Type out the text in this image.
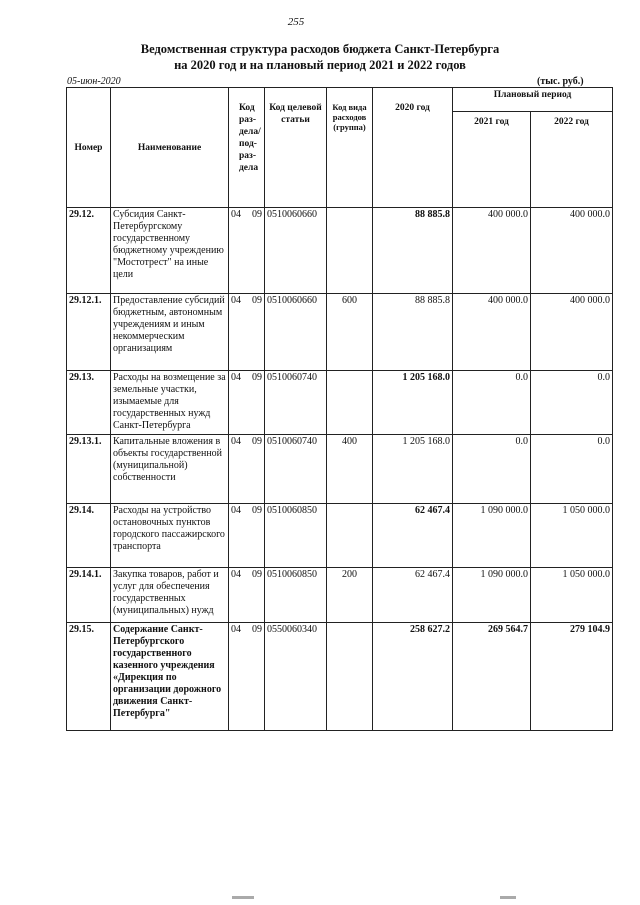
255
Ведомственная структура расходов бюджета Санкт-Петербурга
на 2020 год и на плановый период 2021 и 2022 годов
05-июн-2020	(тыс. руб.)
Номер	Наименование	Код раз- дела/ под- раз- дела		Код целевой статьи	Код вида расходов (группа)	2020 год	Плановый период	
							2021 год	2022 год
29.12.	Субсидия Санкт-Петербургскому государственному бюджетному учреждению "Мостотрест" на иные цели	04	09	0510060660		88 885.8	400 000.0	400 000.0
29.12.1.	Предоставление субсидий бюджетным, автономным учреждениям и иным некоммерческим организациям	04	09	0510060660	600	88 885.8	400 000.0	400 000.0
29.13.	Расходы на возмещение за земельные участки, изымаемые для государственных нужд Санкт-Петербурга	04	09	0510060740		1 205 168.0	0.0	0.0
29.13.1.	Капитальные вложения в объекты государственной (муниципальной) собственности	04	09	0510060740	400	1 205 168.0	0.0	0.0
29.14.	Расходы на устройство остановочных пунктов городского пассажирского транспорта	04	09	0510060850		62 467.4	1 090 000.0	1 050 000.0
29.14.1.	Закупка товаров, работ и услуг для обеспечения государственных (муниципальных) нужд	04	09	0510060850	200	62 467.4	1 090 000.0	1 050 000.0
29.15.	Содержание Санкт-Петербургского государственного казенного учреждения «Дирекция по организации дорожного движения Санкт-Петербурга"	04	09	0550060340		258 627.2	269 564.7	279 104.9
